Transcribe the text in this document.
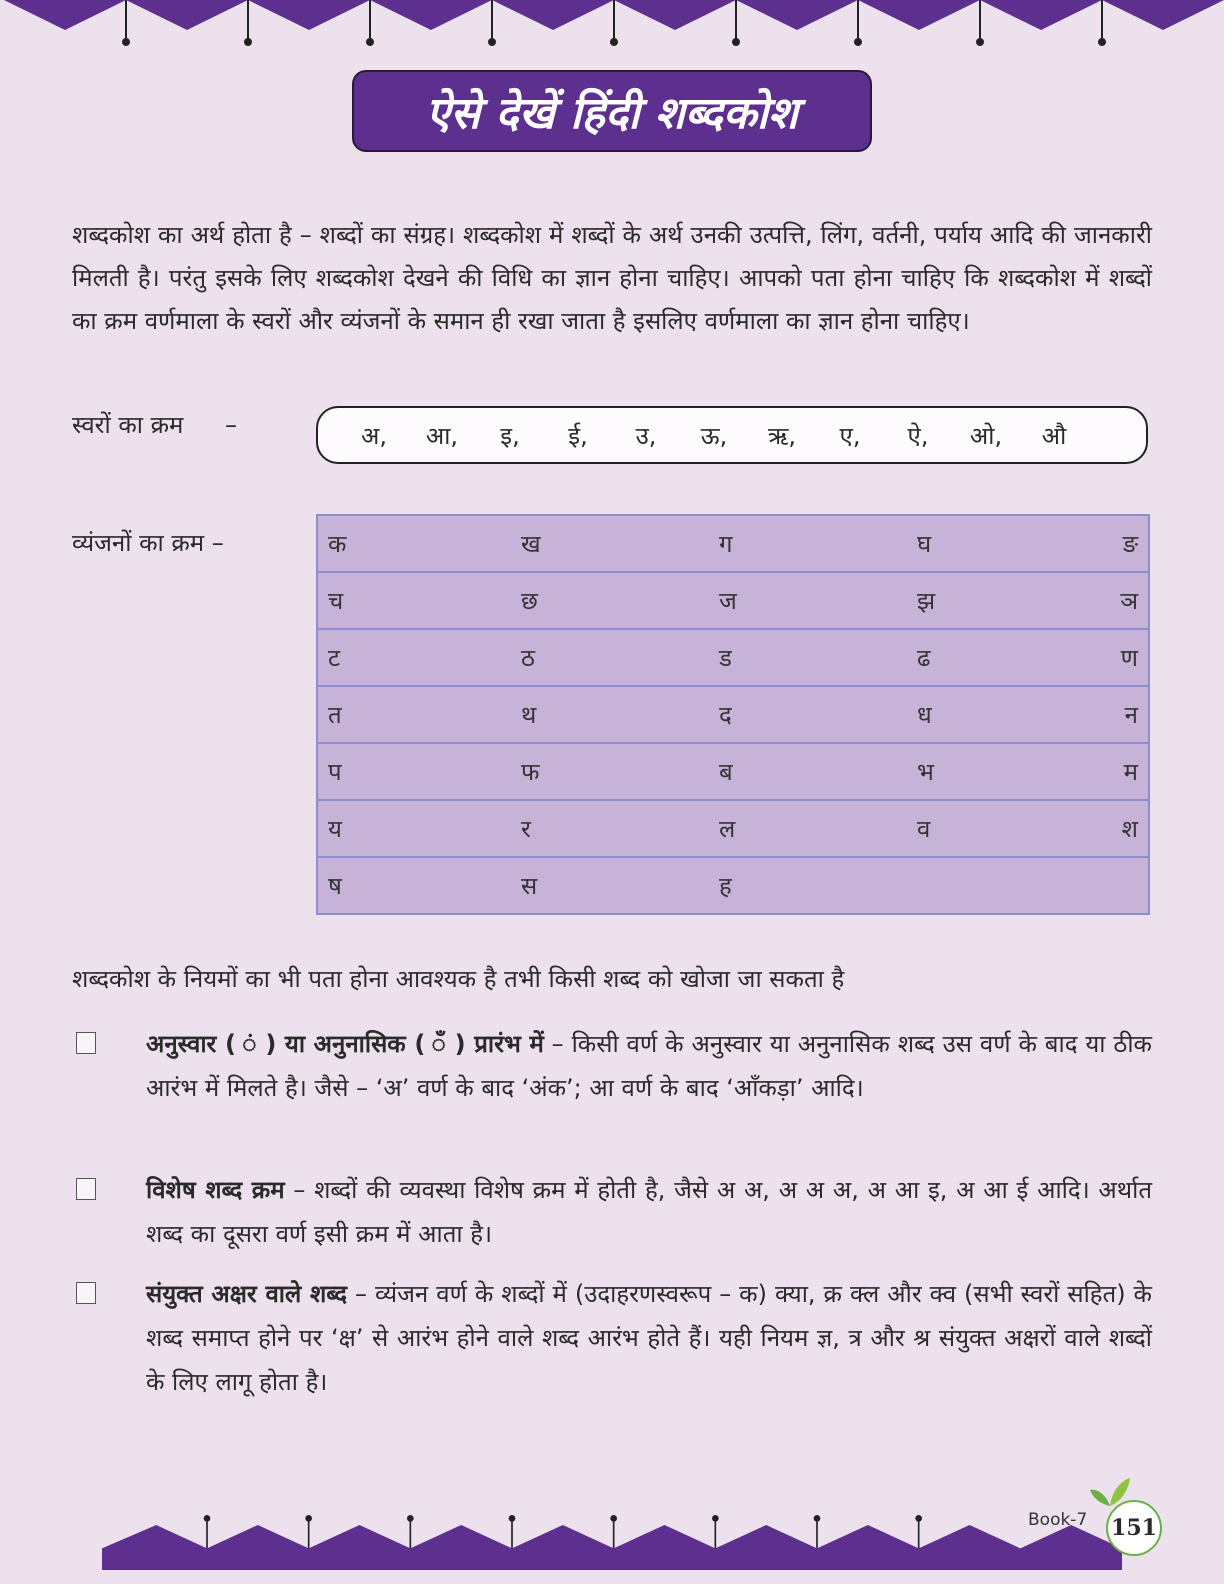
ऐसे देखें हिंदी शब्दकोश
शब्दकोश का अर्थ होता है – शब्दों का संग्रह। शब्दकोश में शब्दों के अर्थ उनकी उत्पत्ति, लिंग, वर्तनी, पर्याय आदि की जानकारी मिलती है। परंतु इसके लिए शब्दकोश देखने की विधि का ज्ञान होना चाहिए। आपको पता होना चाहिए कि शब्दकोश में शब्दों का क्रम वर्णमाला के स्वरों और व्यंजनों के समान ही रखा जाता है इसलिए वर्णमाला का ज्ञान होना चाहिए।
स्वरों का क्रम –	अ,	आ,	इ,	ई,	उ,	ऊ,	ऋ,	ए,	ऐ,	ओ,	औ
व्यंजनों का क्रम –	क	ख	ग	घ	ङ
च	छ	ज	झ	ञ
ट	ठ	ड	ढ	ण
त	थ	द	ध	न
प	फ	ब	भ	म
य	र	ल	व	श
ष	स	ह		
शब्दकोश के नियमों का भी पता होना आवश्यक है तभी किसी शब्द को खोजा जा सकता है
अनुस्वार ( ं ) या अनुनासिक ( ँ ) प्रारंभ में – किसी वर्ण के अनुस्वार या अनुनासिक शब्द उस वर्ण के बाद या ठीक आरंभ में मिलते है। जैसे – ‘अ’ वर्ण के बाद ‘अंक’; आ वर्ण के बाद ‘आँकड़ा’ आदि।
विशेष शब्द क्रम – शब्दों की व्यवस्था विशेष क्रम में होती है, जैसे अ अ, अ अ अ, अ आ इ, अ आ ई आदि। अर्थात शब्द का दूसरा वर्ण इसी क्रम में आता है।
संयुक्त अक्षर वाले शब्द – व्यंजन वर्ण के शब्दों में (उदाहरणस्वरूप – क) क्या, क्र क्ल और क्व (सभी स्वरों सहित) के शब्द समाप्त होने पर ‘क्ष’ से आरंभ होने वाले शब्द आरंभ होते हैं। यही नियम ज्ञ, त्र और श्र संयुक्त अक्षरों वाले शब्दों के लिए लागू होता है।
Book-7 151
